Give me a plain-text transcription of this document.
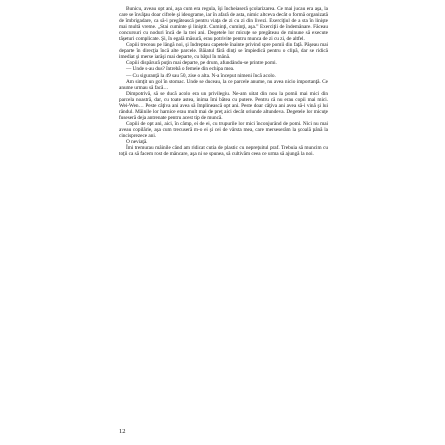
Bunicu, aveau opt ani, aşa cum era regula, îşi încheiaseră şcolarizarea. Ce mai jucau era aşa, la care se învăţau doar cifrele şi ideograme, iar în afară de asta, nimic altceva decât o formă organizată de îmbrigadare, ca să-i pregătească pentru viaţa de zi cu zi din livezi. Exerciţiul de a sta în linişte mai multă vreme. „Stai cuminte şi liniştit. Cuminţi, cuminţi, aşa.” Exerciţii de îndemânare. Făceau concursuri cu noduri încă de la trei ani. Degetele lor micuţe se pregăteau de minune să execute tăşeturi complicate. Şi, în egală măsură, erau potrivite pentru munca de zi cu zi, de altfel.

Copiii treceau pe lângă noi, şi îndreptau capetele înainte privind spre pomii din faţă. Păşeau mai departe în direcţia încă alte parcele. Băiatul fără dinţi se împiedică pentru o clipă, dar se ridică imediat şi merse iarăşi mai departe, cu băţul în mână.

Copiii dispărură puţin mai departe, pe drum, afundându-se printre pomi.

— Unde s-au dus? întrebă o femeie din echipa mea.

— Cu siguranţă la 49 sau 50, zise o alta. N-a început nimeni încă acolo.

Am simţit un gol în stomac. Unde se duceau, la ce parcele anume, nu avea nicio importanţă. Ce anume urmau să facă…

Dimpotrivă, să se ducă acolo era un privilegiu. Ne-am uitat din nou la pomii mai mici din parcela noastră, dar, cu toate astea, inima îmi bătea cu putere. Pentru că nu erau copii mai mici. Wei-Wen… Peste câţiva ani avea să împlinească opt ani. Peste doar câţiva ani avea să-i vină şi lui rândul. Mâinile lor harnice erau mult mai de preţ aici decât oriunde altundeva. Degetele lor micuţe fuseseră deja antrenate pentru acest tip de muncă.

Copiii de opt ani, aici, în câmp, ei de ei, cu trupurile lor mici înconjurând de pomi. Nici nu mai aveau copilărie, aşa cum trecuseră m-o ei şi cei de vârsta mea, care merseserăm la şcoală până la cincisprezece ani.

O neviaţă.

Îmi tremurau mâinile când am ridicat cutia de plastic cu nepreţuitul praf. Trebuia să muncim cu toţii ca să facem rost de mâncare, aşa ni se spunea, să cultivăm ceea ce urma să ajungă la noi.

12
